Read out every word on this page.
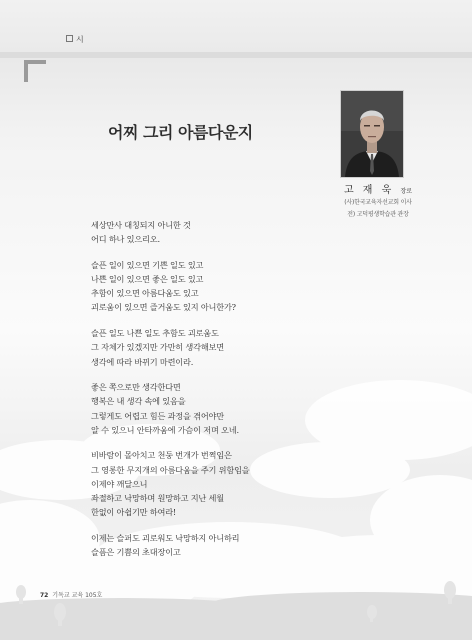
시
어찌 그리 아름다운지
고 재 욱 장로
(사)한국교육자선교회 이사
전) 고덕평생학습관 관장
세상만사 대칭되지 아니한 것
어디 하나 있으리오.
슬픈 일이 있으면 기쁜 일도 있고
나쁜 일이 있으면 좋은 일도 있고
추함이 있으면 아름다움도 있고
괴로움이 있으면 즐거움도 있지 아니한가?
슬픈 일도 나쁜 일도 추함도 괴로움도
그 자체가 있겠지만 가만히 생각해보면
생각에 따라 바뀌기 마련이라.
좋은 쪽으로만 생각한다면
행복은 내 생각 속에 있음을
그렇게도 어렵고 힘든 과정을 겪어야만
알 수 있으니 안타까움에 가슴이 저며 오네.
비바람이 몰아치고 천둥 번개가 번쩍임은
그 영롱한 무지개의 아름다움을 주기 위함임을
이제야 깨달으니
좌절하고 낙망하며 원망하고 지난 세월
한없이 아쉽기만 하여라!
이제는 슬퍼도 괴로워도 낙망하지 아니하리
슬픔은 기쁨의 초대장이고
72 기독교 교육 105호
